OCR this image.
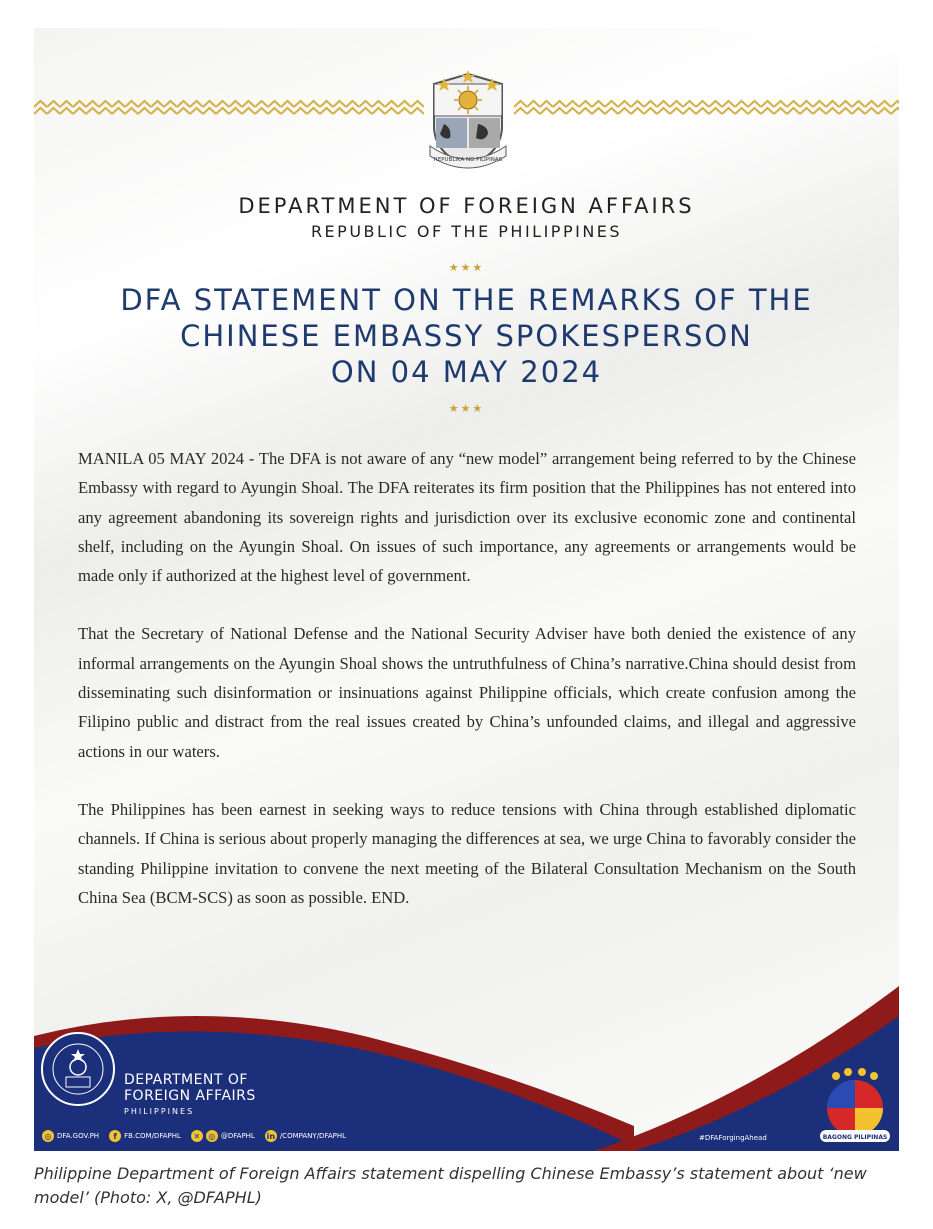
REPUBLIKA NG PILIPINAS
DEPARTMENT OF FOREIGN AFFAIRS
REPUBLIC OF THE PHILIPPINES
★★★
DFA STATEMENT ON THE REMARKS OF THE
CHINESE EMBASSY SPOKESPERSON
ON 04 MAY 2024
★★★

MANILA 05 MAY 2024 - The DFA is not aware of any “new model” arrangement being referred to by the Chinese Embassy with regard to Ayungin Shoal. The DFA reiterates its firm position that the Philippines has not entered into any agreement abandoning its sovereign rights and jurisdiction over its exclusive economic zone and continental shelf, including on the Ayungin Shoal. On issues of such importance, any agreements or arrangements would be made only if authorized at the highest level of government.

That the Secretary of National Defense and the National Security Adviser have both denied the existence of any informal arrangements on the Ayungin Shoal shows the untruthfulness of China’s narrative.China should desist from disseminating such disinformation or insinuations against Philippine officials, which create confusion among the Filipino public and distract from the real issues created by China’s unfounded claims, and illegal and aggressive actions in our waters.

The Philippines has been earnest in seeking ways to reduce tensions with China through established diplomatic channels. If China is serious about properly managing the differences at sea, we urge China to favorably consider the standing Philippine invitation to convene the next meeting of the Bilateral Consultation Mechanism on the South China Sea (BCM-SCS) as soon as possible. END.

DEPARTMENT OF
FOREIGN AFFAIRS
PHILIPPINES
◎ DFA.GOV.PH	f	FB.COM/DFAPHL	✕	◎ @DFAPHL in /COMPANY/DFAPHL	#DFAForgingAhead	BAGONG PILIPINAS
Philippine Department of Foreign Affairs statement dispelling Chinese Embassy’s statement about ‘new model’ (Photo: X, @DFAPHL)
